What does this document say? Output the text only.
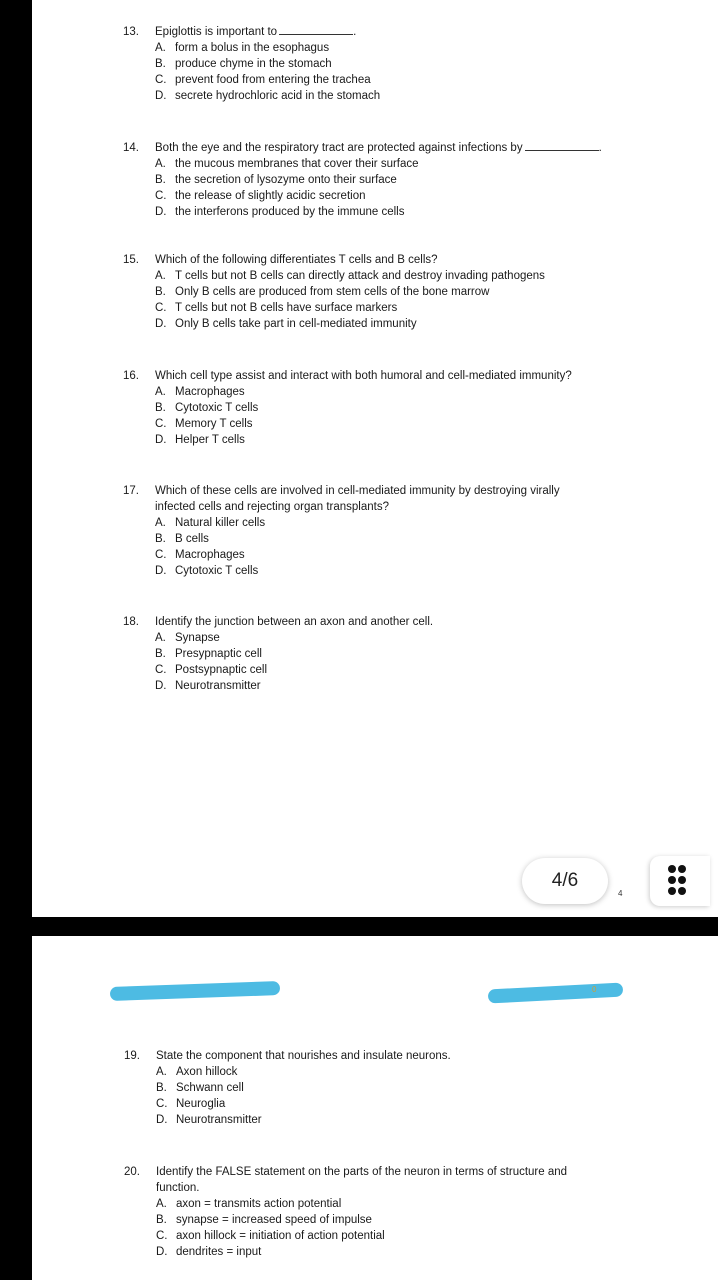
13.	Epiglottis is important to	.
A. form a bolus in the esophagus
B. produce chyme in the stomach
C. prevent food from entering the trachea
D. secrete hydrochloric acid in the stomach
14.	Both the eye and the respiratory tract are protected against infections by	.
A. the mucous membranes that cover their surface
B. the secretion of lysozyme onto their surface
C. the release of slightly acidic secretion
D. the interferons produced by the immune cells
15.	Which of the following differentiates T cells and B cells?
A. T cells but not B cells can directly attack and destroy invading pathogens
B. Only B cells are produced from stem cells of the bone marrow
C. T cells but not B cells have surface markers
D. Only B cells take part in cell-mediated immunity
16.	Which cell type assist and interact with both humoral and cell-mediated immunity?
A. Macrophages
B. Cytotoxic T cells
C. Memory T cells
D. Helper T cells
17.	Which of these cells are involved in cell-mediated immunity by destroying virally
infected cells and rejecting organ transplants?
A. Natural killer cells
B. B cells
C. Macrophages
D. Cytotoxic T cells
18.	Identify the junction between an axon and another cell.
A. Synapse
B. Presypnaptic cell
C. Postsypnaptic cell
D. Neurotransmitter
19.	State the component that nourishes and insulate neurons.
A. Axon hillock
B. Schwann cell
C. Neuroglia
D. Neurotransmitter
20.	Identify the FALSE statement on the parts of the neuron in terms of structure and
function.
A. axon = transmits action potential
B. synapse = increased speed of impulse
C. axon hillock = initiation of action potential
D. dendrites = input
0
4/6
4
